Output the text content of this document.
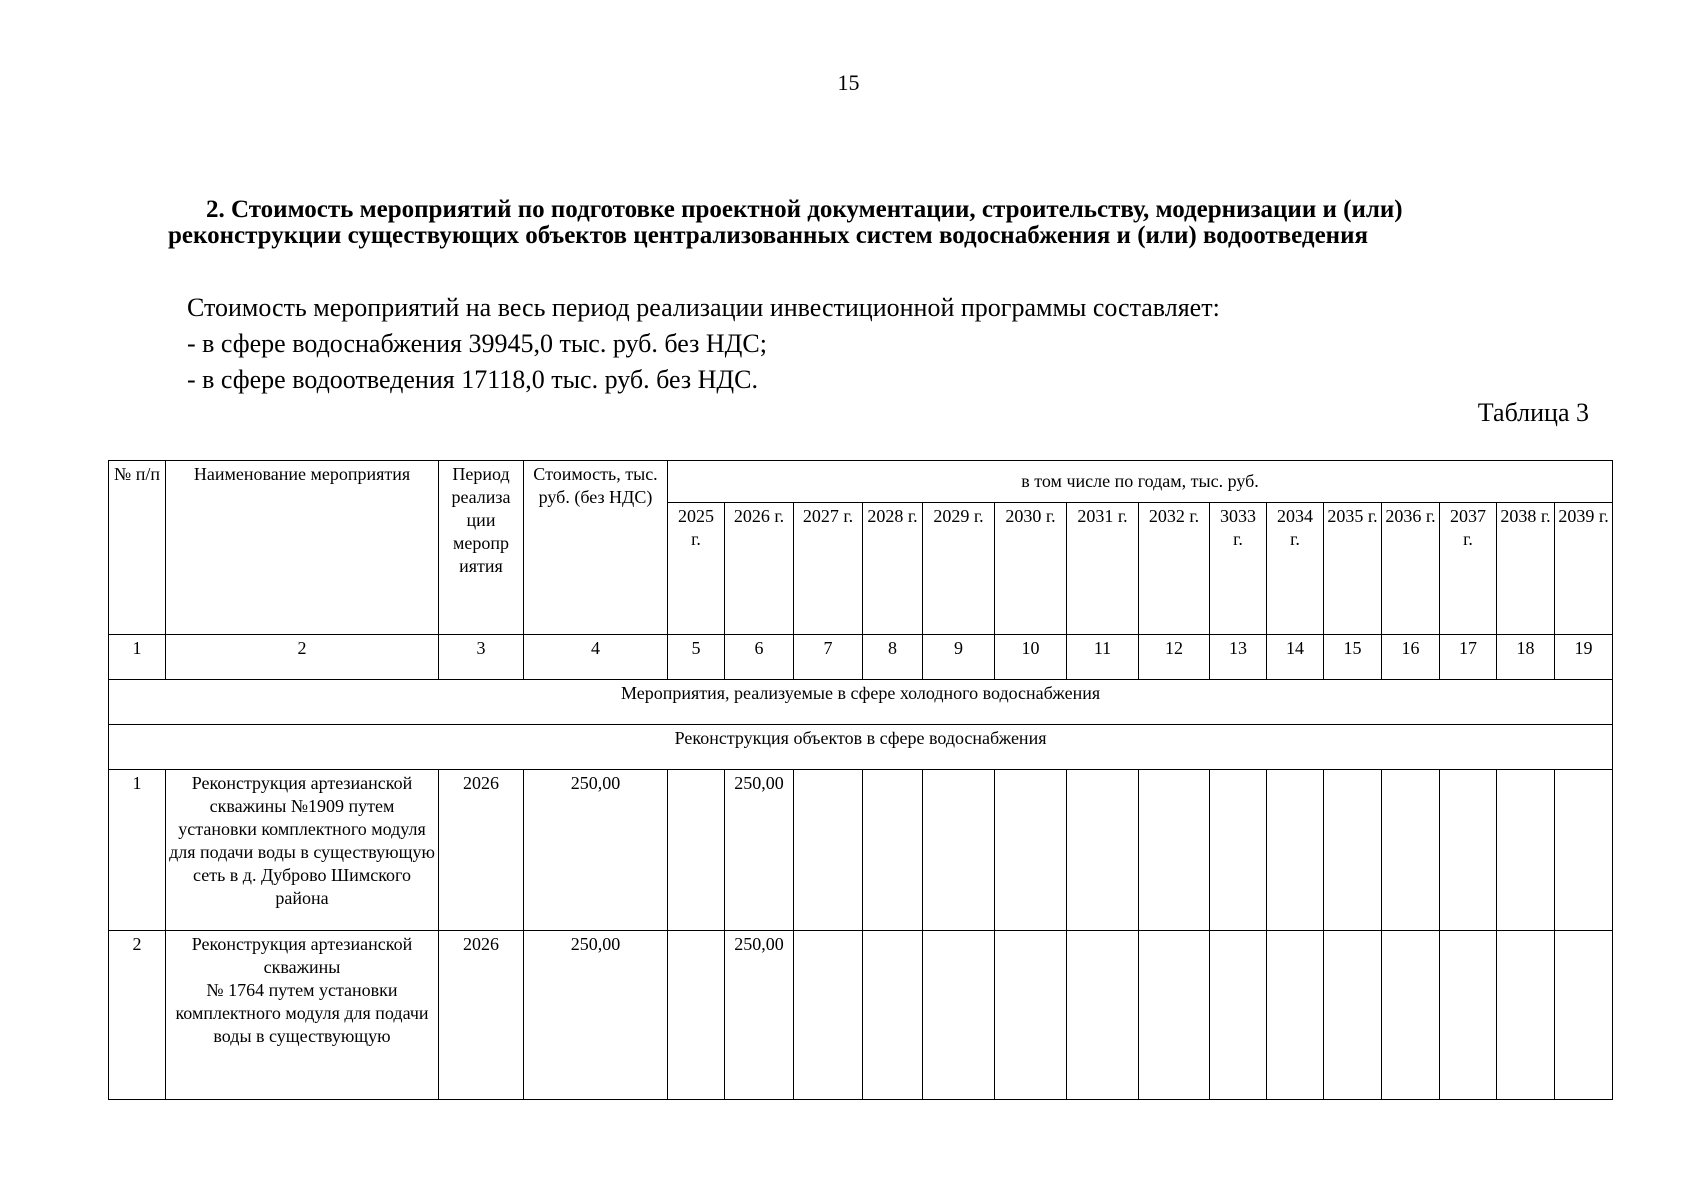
15
2. Стоимость мероприятий по подготовке проектной документации, строительству, модернизации и (или)
реконструкции существующих объектов централизованных систем водоснабжения и (или) водоотведения
Стоимость мероприятий на весь период реализации инвестиционной программы составляет:
- в сфере водоснабжения 39945,0 тыс. руб. без НДС;
- в сфере водоотведения 17118,0 тыс. руб. без НДС.
Таблица 3
№ п/п	Наименование мероприятия	Период реализа ции меропр иятия	Стоимость, тыс. руб. (без НДС)	в том числе по годам, тыс. руб.														
				2025 г.	2026 г.	2027 г.	2028 г.	2029 г.	2030 г.	2031 г.	2032 г.	3033 г.	2034 г.	2035 г.	2036 г.	2037 г.	2038 г.	2039 г.
1	2	3	4	5	6	7	8	9	10	11	12	13	14	15	16	17	18	19
Мероприятия, реализуемые в сфере холодного водоснабжения																		
Реконструкция объектов в сфере водоснабжения																		
1	Реконструкция артезианской скважины №1909 путем установки комплектного модуля для подачи воды в существующую сеть в д. Дуброво Шимского района	2026	250,00		250,00													
2	Реконструкция артезианской скважины
№ 1764 путем установки комплектного модуля для подачи воды в существующую	2026	250,00		250,00													
